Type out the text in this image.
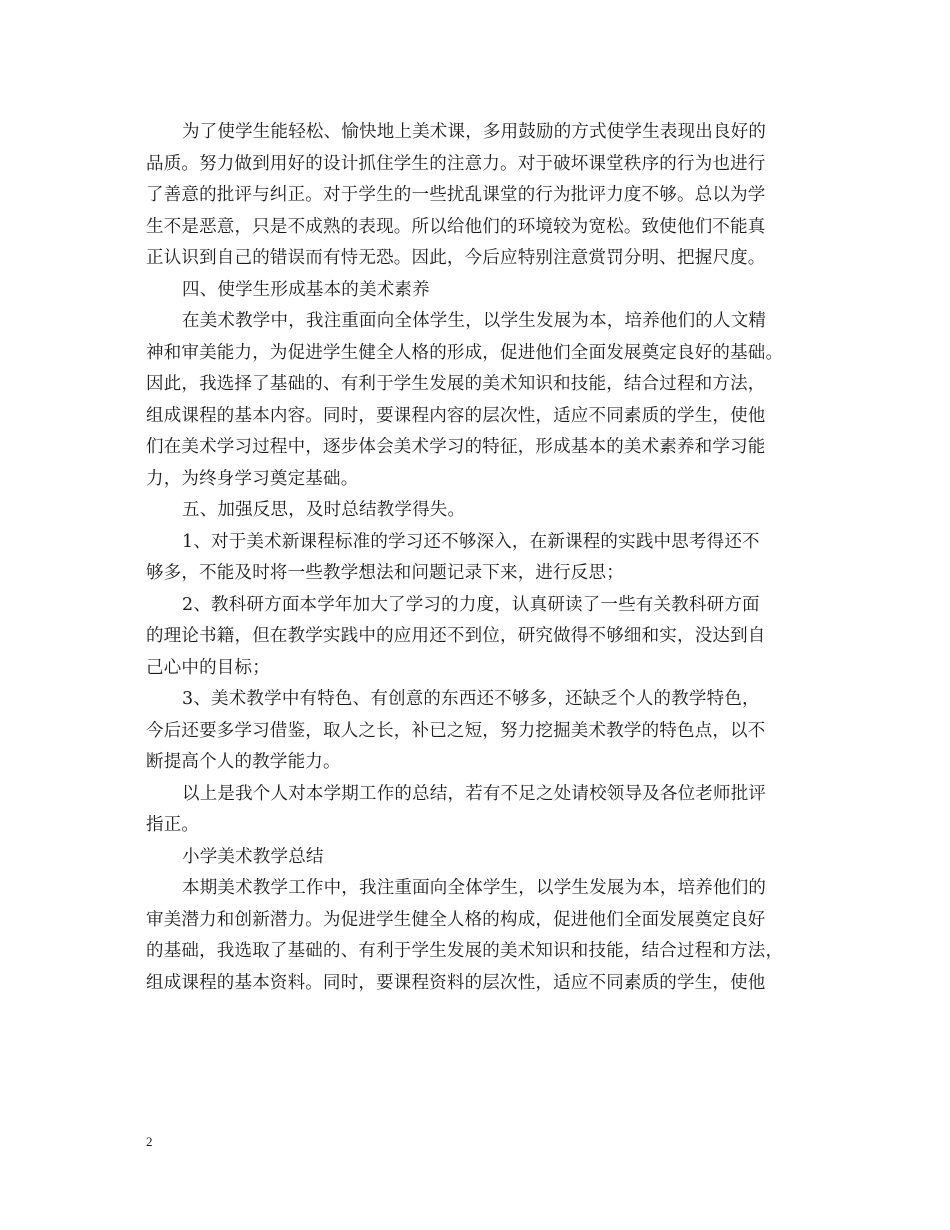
为了使学生能轻松、愉快地上美术课，多用鼓励的方式使学生表现出良好的
品质。努力做到用好的设计抓住学生的注意力。对于破坏课堂秩序的行为也进行
了善意的批评与纠正。对于学生的一些扰乱课堂的行为批评力度不够。总以为学
生不是恶意，只是不成熟的表现。所以给他们的环境较为宽松。致使他们不能真
正认识到自己的错误而有恃无恐。因此，今后应特别注意赏罚分明、把握尺度。
四、使学生形成基本的美术素养
在美术教学中，我注重面向全体学生，以学生发展为本，培养他们的人文精
神和审美能力，为促进学生健全人格的形成，促进他们全面发展奠定良好的基础。
因此，我选择了基础的、有利于学生发展的美术知识和技能，结合过程和方法，
组成课程的基本内容。同时，要课程内容的层次性，适应不同素质的学生，使他
们在美术学习过程中，逐步体会美术学习的特征，形成基本的美术素养和学习能
力，为终身学习奠定基础。
五、加强反思，及时总结教学得失。
1、对于美术新课程标准的学习还不够深入，在新课程的实践中思考得还不
够多，不能及时将一些教学想法和问题记录下来，进行反思；
2、教科研方面本学年加大了学习的力度，认真研读了一些有关教科研方面
的理论书籍，但在教学实践中的应用还不到位，研究做得不够细和实，没达到自
己心中的目标；
3、美术教学中有特色、有创意的东西还不够多，还缺乏个人的教学特色，
今后还要多学习借鉴，取人之长，补已之短，努力挖掘美术教学的特色点，以不
断提高个人的教学能力。
以上是我个人对本学期工作的总结，若有不足之处请校领导及各位老师批评
指正。
小学美术教学总结
本期美术教学工作中，我注重面向全体学生，以学生发展为本，培养他们的
审美潜力和创新潜力。为促进学生健全人格的构成，促进他们全面发展奠定良好
的基础，我选取了基础的、有利于学生发展的美术知识和技能，结合过程和方法，
组成课程的基本资料。同时，要课程资料的层次性，适应不同素质的学生，使他
2
